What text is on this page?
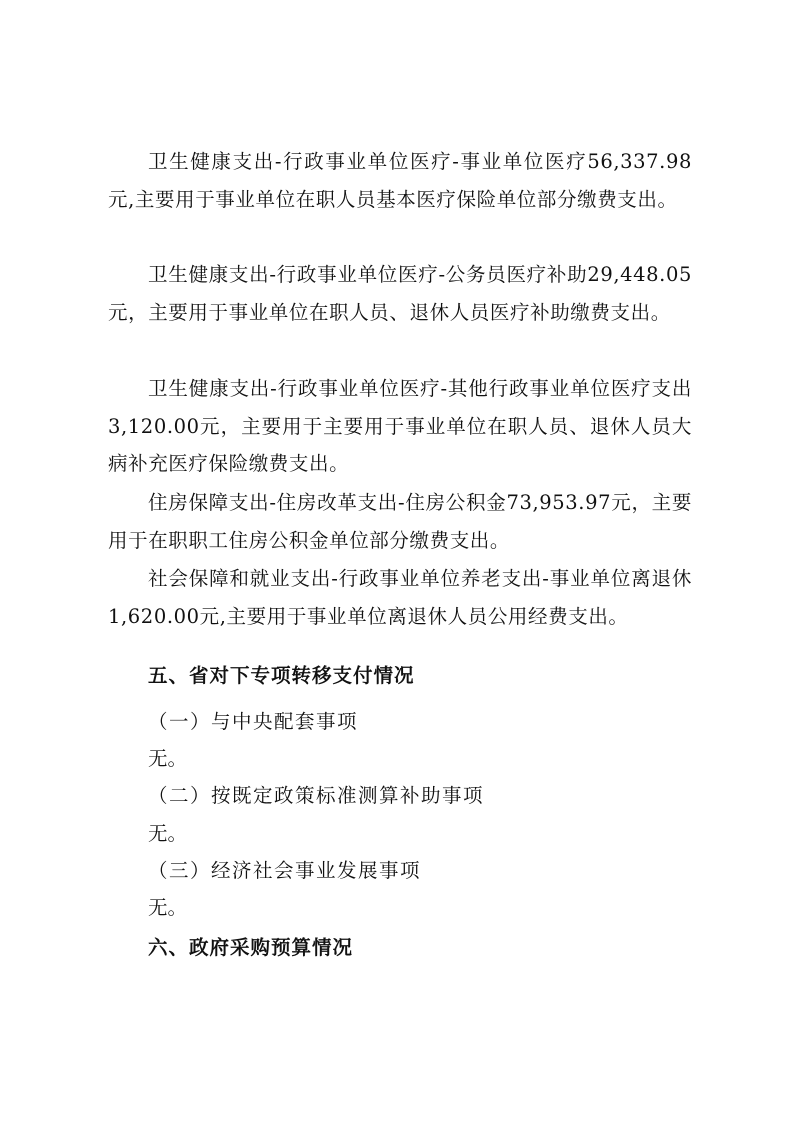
卫生健康支出-行政事业单位医疗-事业单位医疗56,337.98元,主要用于事业单位在职人员基本医疗保险单位部分缴费支出。

卫生健康支出-行政事业单位医疗-公务员医疗补助29,448.05元，主要用于事业单位在职人员、退休人员医疗补助缴费支出。

卫生健康支出-行政事业单位医疗-其他行政事业单位医疗支出3,120.00元，主要用于主要用于事业单位在职人员、退休人员大病补充医疗保险缴费支出。

住房保障支出-住房改革支出-住房公积金73,953.97元，主要用于在职职工住房公积金单位部分缴费支出。

社会保障和就业支出-行政事业单位养老支出-事业单位离退休1,620.00元,主要用于事业单位离退休人员公用经费支出。

五、省对下专项转移支付情况

（一）与中央配套事项

无。

（二）按既定政策标准测算补助事项

无。

（三）经济社会事业发展事项

无。

六、政府采购预算情况
